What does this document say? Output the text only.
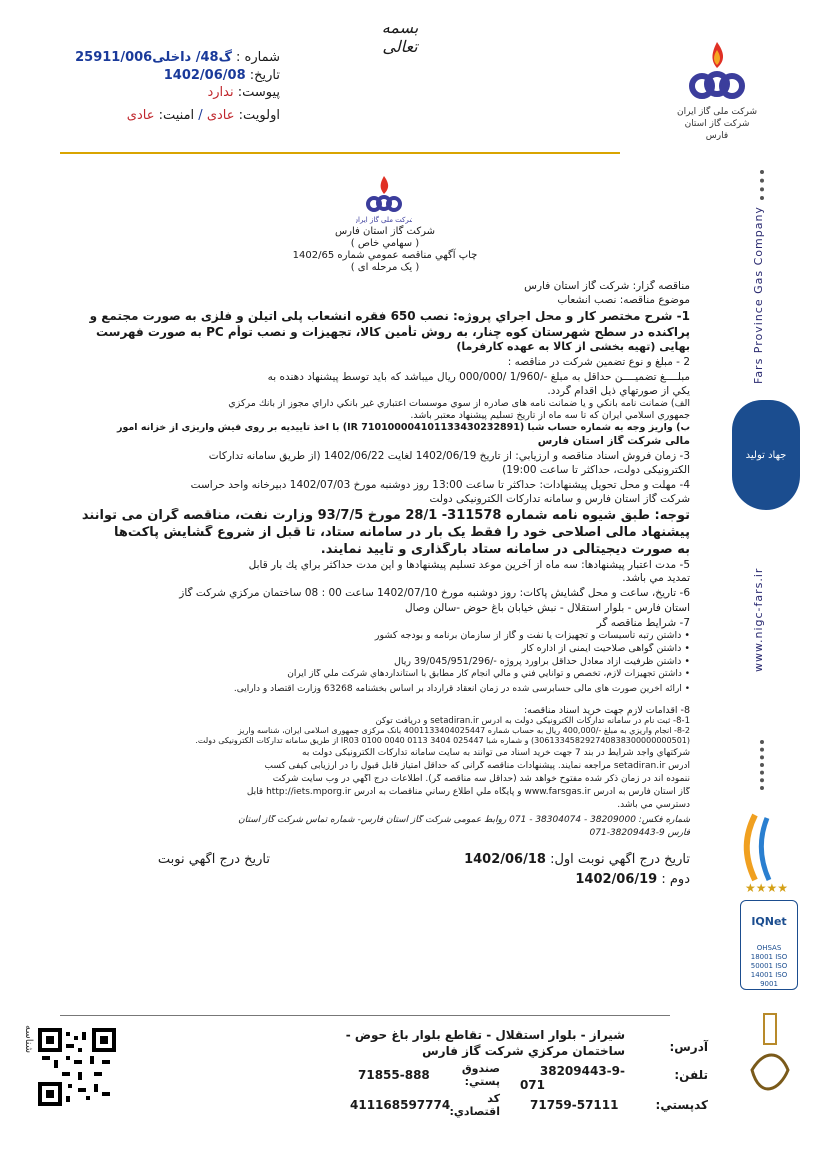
بسمه تعالی
شرکت ملی گاز ایران
شرکت گاز استان فارس
شماره : گ48/ داخلی25911/006
تاریخ: 1402/06/08
پیوست: ندارد
اولویت: عادی / امنیت: عادی
Fars Province Gas Company
جهاد تولید
www.nigc-fars.ir
★★★★
IQNet
OHSAS 18001 ISO 50001 ISO 14001 ISO 9001
شرکت ملی گاز ایران
شركت گاز استان فارس
( سهامي خاص )
چاپ آگهي مناقصه عمومي شماره 1402/65
( یک مرحله ای )
مناقصه گزار: شركت گاز استان فارس
موضوع مناقصه: نصب انشعاب
1- شرح مختصر كار و محل اجراي پروژه: نصب 650 فقره انشعاب پلی اتیلن و فلزی به صورت مجتمع و
پراكنده در سطح شهرستان كوه چنار، به روش تأمین کالا، تجهیزات و نصب توأم PC به صورت فهرست
بهایی (تهیه بخشی از کالا به عهده کارفرما)
2 - مبلغ و نوع تضمين شركت در مناقصه :
مبلــــغ تضمیــــن حداقل به مبلغ -/1/960 /000/000 ریال میباشد كه بايد توسط پيشنهاد دهنده به
يكي از صورتهاي ذيل اقدام گردد.
الف) ضمانت نامه بانكي و يا ضمانت نامه های صادره از سوي موسسات اعتباري غير بانكي داراي مجوز از بانك مركزي
جمهوري اسلامي ايران كه تا سه ماه از تاريخ تسليم پيشنهاد معتبر باشد.
ب) واريز وجه به شماره حساب شبا (IR 710100004101133430232891) با اخذ تأییدیه بر روی فیش واریزی از خزانه امور
مالی شرکت گاز استان فارس
3- زمان فروش اسناد مناقصه و ارزيابي: از تاریخ 1402/06/19 لغايت 1402/06/22 (از طریق سامانه تدارکات
الکترونیکی دولت، حداکثر تا ساعت 19:00)
4- مهلت و محل تحويل پيشنهادات: حداكثر تا ساعت 13:00 روز دوشنبه مورخ 1402/07/03 دبيرخانه واحد حراست
شركت گاز استان فارس و سامانه تدارکات الکترونیکی دولت
توجه: طبق شیوه نامه شماره 311578- 28/1 مورخ 93/7/5 وزارت نفت، مناقصه گران می توانند
پیشنهاد مالی اصلاحی خود را فقط یک بار در سامانه ستاد، تا قبل از شروع گشایش پاکت‌ها
به صورت دیجیتالی در سامانه ستاد بارگذاری و تأیید نمایند.
5- مدت اعتبار پيشنهادها: سه ماه از آخرين موعد تسليم پيشنهادها و اين مدت حداكثر براي يك بار قابل
تمديد مي باشد.
6- تاريخ، ساعت و محل گشايش پاكات: روز دوشنبه مورخ 1402/07/10 ساعت 00 : 08 ساختمان مرکزي شركت گاز
استان فارس - بلوار استقلال - نبش خيابان باغ حوض -سالن وصال
7- شرایط مناقصه گر
• داشتن رتبه تأسیسات و تجهیزات یا نفت و گاز از سازمان برنامه و بودجه کشور
• داشتن گواهی صلاحیت ایمنی از اداره کار
• داشتن ظرفیت آزاد معادل حداقل برآورد پروژه -/39/045/951/296 ريال
• داشتن تجهيزات لازم، تخصص و توانايي فني و مالي انجام كار مطابق با استانداردهاي شركت ملي گاز ايران
• ارائه آخرین صورت های مالی حسابرسی شده در زمان انعقاد قرارداد بر اساس بخشنامه 63268 وزارت اقتصاد و دارایی.
8- اقدامات لازم جهت خريد اسناد مناقصه:
8-1- ثبت نام در سامانه تدارکات الکترونیکی دولت به آدرس setadiran.ir و دریافت توکن
8-2- انجام واريزي به مبلغ -/400,000 ریال به حساب شماره 4001133404025447 بانک مرکزی جمهوری اسلامی ایران، شناسه واریز
(306133458292740838300000000501) و شماره شبا IR03 0100 0040 0113 3404 025447 از طریق سامانه تدارکات الکترونیکی دولت.
شركتهاي واجد شرایط در بند 7 جهت خرید اسناد می توانند به سایت سامانه تدارکات الکترونیکی دولت به
آدرس setadiran.ir مراجعه نمایند. پیشنهادات مناقصه گرانی که حداقل امتیاز قابل قبول را در ارزیابی کیفی کسب
ننموده اند در زمان ذکر شده مفتوح خواهد شد (حداقل سه مناقصه گر). اطلاعات درج آگهي در وب سايت شركت
گاز استان فارس به آدرس www.farsgas.ir و پایگاه ملي اطلاع رساني مناقصات به آدرس http://iets.mporg.ir قابل
دسترسي مي باشد.
شماره فكس: 38209000 - 38304074 - 071 روابط عمومی شرکت گاز استان فارس- شماره تماس شرکت گاز استان
فارس 9-38209443-071
تاريخ درج آگهي نوبت اول: 1402/06/18
تاريخ درج آگهي نوبت
دوم : 1402/06/19
شناسه	آدرس:
شیراز - بلوار استقلال - تقاطع بلوار باغ حوض -
ساختمان مرکزي شرکت گاز فارس
تلفن:
-38209443-9
071
صندوق پستي:
71855-888
کدپستي:
71759-57111
کد اقتصادي:
411168597774
